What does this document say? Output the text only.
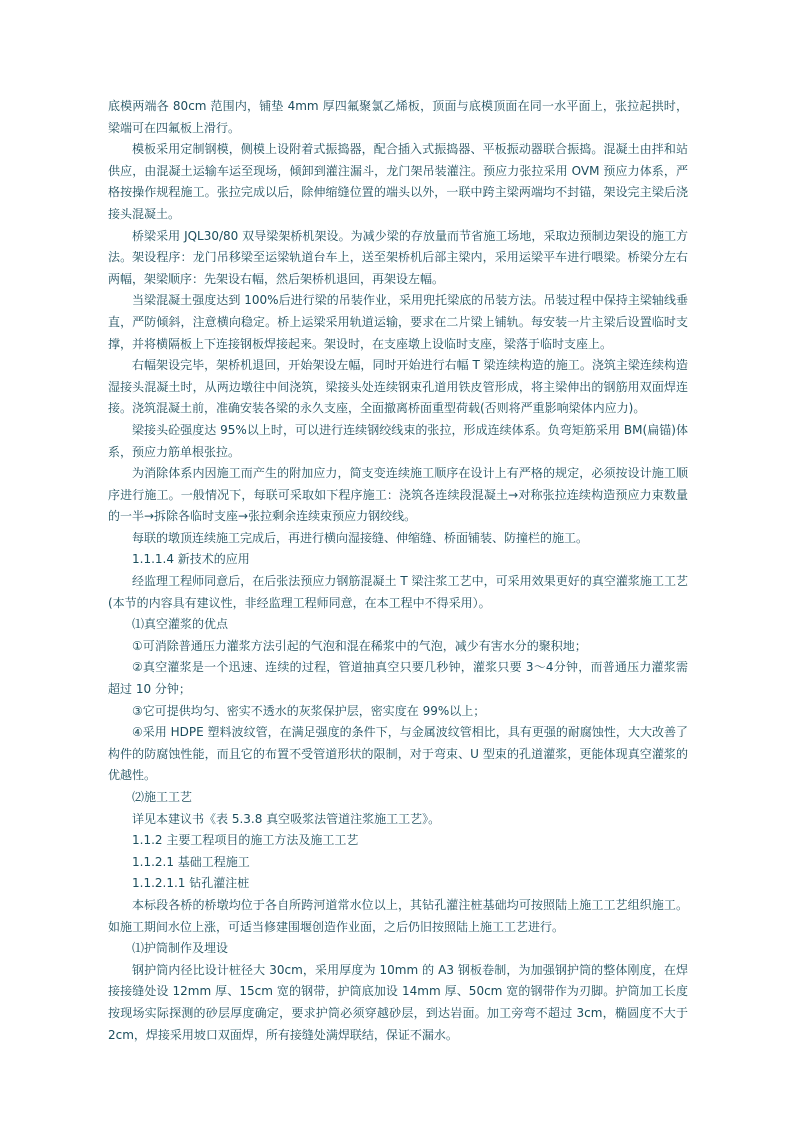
底模两端各 80cm 范围内，铺垫 4mm 厚四氟聚氯乙烯板，顶面与底模顶面在同一水平面上，张拉起拱时，梁端可在四氟板上滑行。

模板采用定制钢模，侧模上设附着式振捣器，配合插入式振捣器、平板振动器联合振捣。混凝土由拌和站供应，由混凝土运输车运至现场，倾卸到灌注漏斗，龙门架吊装灌注。预应力张拉采用 OVM 预应力体系，严格按操作规程施工。张拉完成以后，除伸缩缝位置的端头以外，一联中跨主梁两端均不封锚，架设完主梁后浇接头混凝土。

桥梁采用 JQL30/80 双导梁架桥机架设。为减少梁的存放量而节省施工场地，采取边预制边架设的施工方法。架设程序：龙门吊移梁至运梁轨道台车上，送至架桥机后部主梁内，采用运梁平车进行喂梁。桥梁分左右两幅，架梁顺序：先架设右幅，然后架桥机退回，再架设左幅。

当梁混凝土强度达到 100%后进行梁的吊装作业，采用兜托梁底的吊装方法。吊装过程中保持主梁轴线垂直，严防倾斜，注意横向稳定。桥上运梁采用轨道运输，要求在二片梁上铺轨。每安装一片主梁后设置临时支撑，并将横隔板上下连接钢板焊接起来。架设时，在支座墩上设临时支座，梁落于临时支座上。

右幅架设完毕，架桥机退回，开始架设左幅，同时开始进行右幅 T 梁连续构造的施工。浇筑主梁连续构造湿接头混凝土时，从两边墩往中间浇筑，梁接头处连续钢束孔道用铁皮管形成，将主梁伸出的钢筋用双面焊连接。浇筑混凝土前，准确安装各梁的永久支座，全面撤离桥面重型荷载(否则将严重影响梁体内应力)。

梁接头砼强度达 95%以上时，可以进行连续钢绞线束的张拉，形成连续体系。负弯矩筋采用 BM(扁锚)体系，预应力筋单根张拉。

为消除体系内因施工而产生的附加应力，简支变连续施工顺序在设计上有严格的规定，必须按设计施工顺序进行施工。一般情况下，每联可采取如下程序施工：浇筑各连续段混凝土→对称张拉连续构造预应力束数量的一半→拆除各临时支座→张拉剩余连续束预应力钢绞线。

每联的墩顶连续施工完成后，再进行横向湿接缝、伸缩缝、桥面铺装、防撞栏的施工。

1.1.1.4 新技术的应用

经监理工程师同意后，在后张法预应力钢筋混凝土 T 梁注浆工艺中，可采用效果更好的真空灌浆施工工艺(本节的内容具有建议性，非经监理工程师同意，在本工程中不得采用）。

⑴真空灌浆的优点

①可消除普通压力灌浆方法引起的气泡和混在稀浆中的气泡，减少有害水分的聚积地；

②真空灌浆是一个迅速、连续的过程，管道抽真空只要几秒钟，灌浆只要 3～4分钟，而普通压力灌浆需超过 10 分钟；

③它可提供均匀、密实不透水的灰浆保护层，密实度在 99%以上；

④采用 HDPE 塑料波纹管，在满足强度的条件下，与金属波纹管相比，具有更强的耐腐蚀性，大大改善了构件的防腐蚀性能，而且它的布置不受管道形状的限制，对于弯束、U 型束的孔道灌浆，更能体现真空灌浆的优越性。

⑵施工工艺

详见本建议书《表 5.3.8 真空吸浆法管道注浆施工工艺》。

1.1.2 主要工程项目的施工方法及施工工艺

1.1.2.1 基础工程施工

1.1.2.1.1 钻孔灌注桩

本标段各桥的桥墩均位于各自所跨河道常水位以上，其钻孔灌注桩基础均可按照陆上施工工艺组织施工。如施工期间水位上涨，可适当修建围堰创造作业面，之后仍旧按照陆上施工工艺进行。

⑴护筒制作及埋设

钢护筒内径比设计桩径大 30cm，采用厚度为 10mm 的 A3 钢板卷制，为加强钢护筒的整体刚度，在焊接接缝处设 12mm 厚、15cm 宽的钢带，护筒底加设 14mm 厚、50cm 宽的钢带作为刃脚。护筒加工长度按现场实际探测的砂层厚度确定，要求护筒必须穿越砂层，到达岩面。加工旁弯不超过 3cm，椭圆度不大于 2cm，焊接采用坡口双面焊，所有接缝处满焊联结，保证不漏水。
